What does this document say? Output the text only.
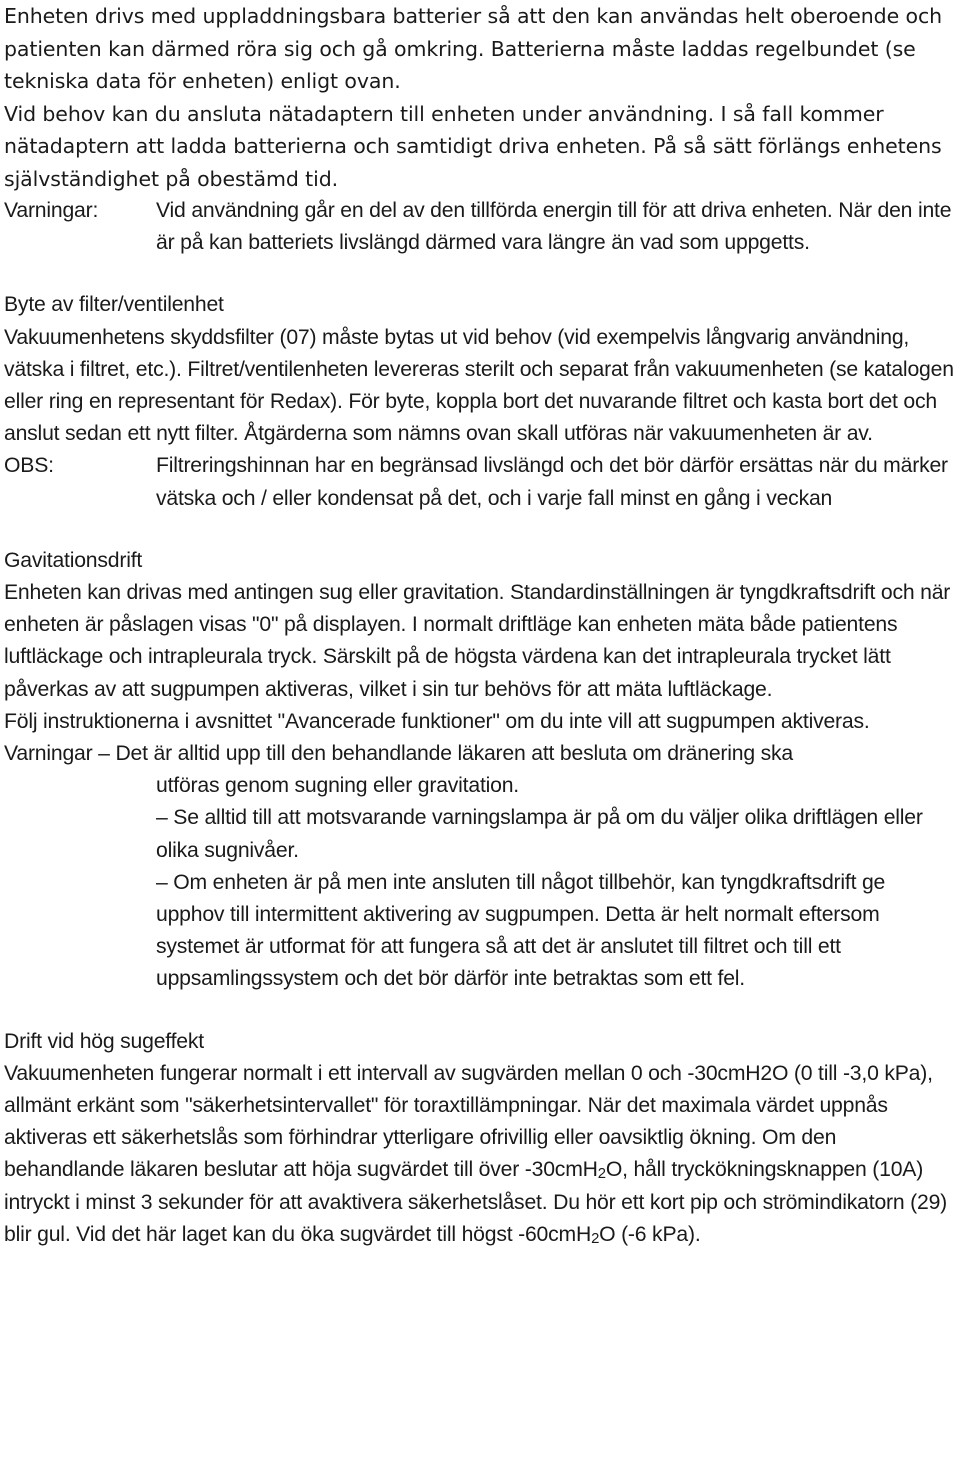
Enheten drivs med uppladdningsbara batterier så att den kan användas helt oberoende och patienten kan därmed röra sig och gå omkring. Batterierna måste laddas regelbundet (se tekniska data för enheten) enligt ovan.

Vid behov kan du ansluta nätadaptern till enheten under användning. I så fall kommer nätadaptern att ladda batterierna och samtidigt driva enheten. På så sätt förlängs enhetens självständighet på obestämd tid.

Varningar:	Vid användning går en del av den tillförda energin till för att driva enheten. När den inte är på kan batteriets livslängd därmed vara längre än vad som uppgetts.

Byte av filter/ventilenhet

Vakuumenhetens skyddsfilter (07) måste bytas ut vid behov (vid exempelvis långvarig användning, vätska i filtret, etc.). Filtret/ventilenheten levereras sterilt och separat från vakuumenheten (se katalogen eller ring en representant för Redax). För byte, koppla bort det nuvarande filtret och kasta bort det och anslut sedan ett nytt filter. Åtgärderna som nämns ovan skall utföras när vakuumenheten är av.

OBS:	Filtreringshinnan har en begränsad livslängd och det bör därför ersättas när du märker vätska och / eller kondensat på det, och i varje fall minst en gång i veckan

Gavitationsdrift

Enheten kan drivas med antingen sug eller gravitation. Standardinställningen är tyngdkraftsdrift och när enheten är påslagen visas "0" på displayen. I normalt driftläge kan enheten mäta både patientens luftläckage och intrapleurala tryck. Särskilt på de högsta värdena kan det intrapleurala trycket lätt påverkas av att sugpumpen aktiveras, vilket i sin tur behövs för att mäta luftläckage.

Följ instruktionerna i avsnittet "Avancerade funktioner" om du inte vill att sugpumpen aktiveras.

Varningar – Det är alltid upp till den behandlande läkaren att besluta om dränering ska

utföras genom sugning eller gravitation.

– Se alltid till att motsvarande varningslampa är på om du väljer olika driftlägen eller olika sugnivåer.

– Om enheten är på men inte ansluten till något tillbehör, kan tyngdkraftsdrift ge upphov till intermittent aktivering av sugpumpen. Detta är helt normalt eftersom systemet är utformat för att fungera så att det är anslutet till filtret och till ett uppsamlingssystem och det bör därför inte betraktas som ett fel.

Drift vid hög sugeffekt

Vakuumenheten fungerar normalt i ett intervall av sugvärden mellan 0 och -30cmH2O (0 till -3,0 kPa), allmänt erkänt som "säkerhetsintervallet" för toraxtillämpningar. När det maximala värdet uppnås aktiveras ett säkerhetslås som förhindrar ytterligare ofrivillig eller oavsiktlig ökning. Om den behandlande läkaren beslutar att höja sugvärdet till över -30cmH$_2$O, håll tryckökningsknappen (10A) intryckt i minst 3 sekunder för att avaktivera säkerhetslåset. Du hör ett kort pip och strömindikatorn (29) blir gul. Vid det här laget kan du öka sugvärdet till högst -60cmH$_2$O (-6 kPa).
